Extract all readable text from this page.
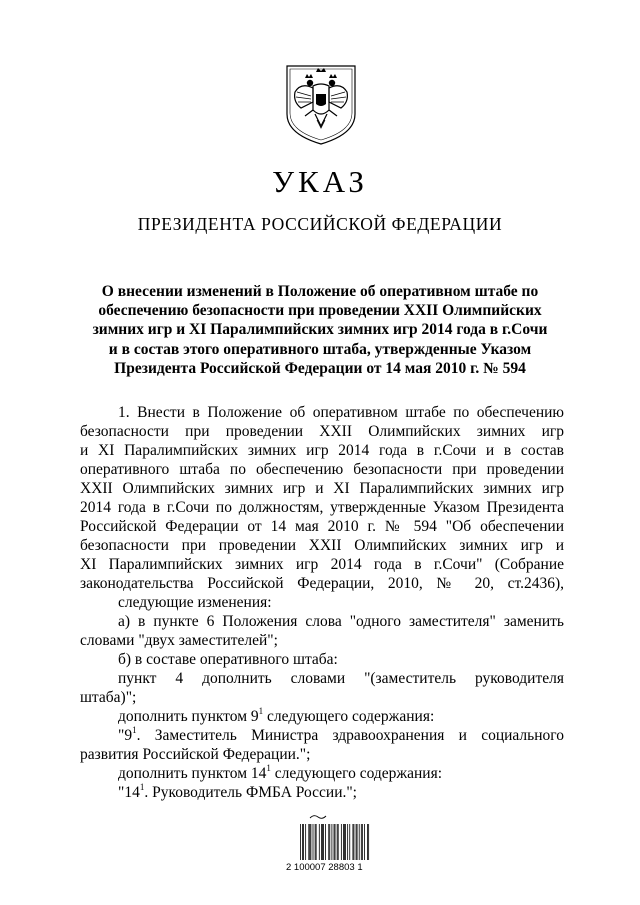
УКАЗ
ПРЕЗИДЕНТА РОССИЙСКОЙ ФЕДЕРАЦИИ
О внесении изменений в Положение об оперативном штабе по
обеспечению безопасности при проведении XXII Олимпийских
зимних игр и XI Паралимпийских зимних игр 2014 года в г.Сочи
и в состав этого оперативного штаба, утвержденные Указом
Президента Российской Федерации от 14 мая 2010 г. № 594
1. Внести в Положение об оперативном штабе по обеспечению
безопасности при проведении XXII Олимпийских зимних игр
и XI Паралимпийских зимних игр 2014 года в г.Сочи и в состав
оперативного штаба по обеспечению безопасности при проведении
XXII Олимпийских зимних игр и XI Паралимпийских зимних игр
2014 года в г.Сочи по должностям, утвержденные Указом Президента
Российской Федерации от 14 мая 2010 г. № 594 "Об обеспечении
безопасности при проведении XXII Олимпийских зимних игр и
XI Паралимпийских зимних игр 2014 года в г.Сочи" (Собрание
законодательства Российской Федерации, 2010, № 20, ст.2436),
следующие изменения:
а) в пункте 6 Положения слова "одного заместителя" заменить
словами "двух заместителей";
б) в составе оперативного штаба:
пункт 4 дополнить словами "(заместитель руководителя
штаба)";
дополнить пунктом $9^1$ следующего содержания:
"$9^1$. Заместитель Министра здравоохранения и социального
развития Российской Федерации.";
дополнить пунктом $14^1$ следующего содержания:
"$14^1$. Руководитель ФМБА России.";
2 100007 28803 1
